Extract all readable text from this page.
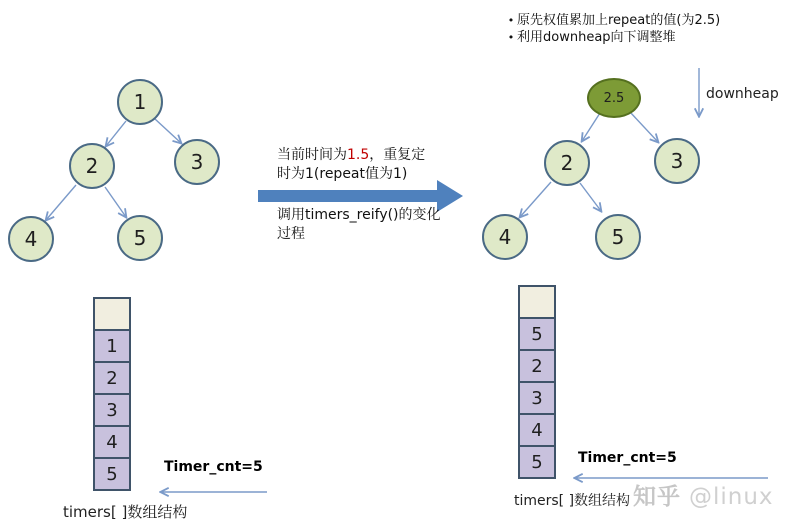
• 原先权值累加上repeat的值(为2.5)
• 利用downheap向下调整堆
downheap
当前时间为1.5，重复定
时为1(repeat值为1)
调用timers_reify()的变化
过程
1
2	3
4	5
2.5
2	3
4	5
1
2
3
4
5
5
2
3
4
5
Timer_cnt=5
Timer_cnt=5
timers[ ]数组结构
timers[ ]数组结构 知乎 @linux
